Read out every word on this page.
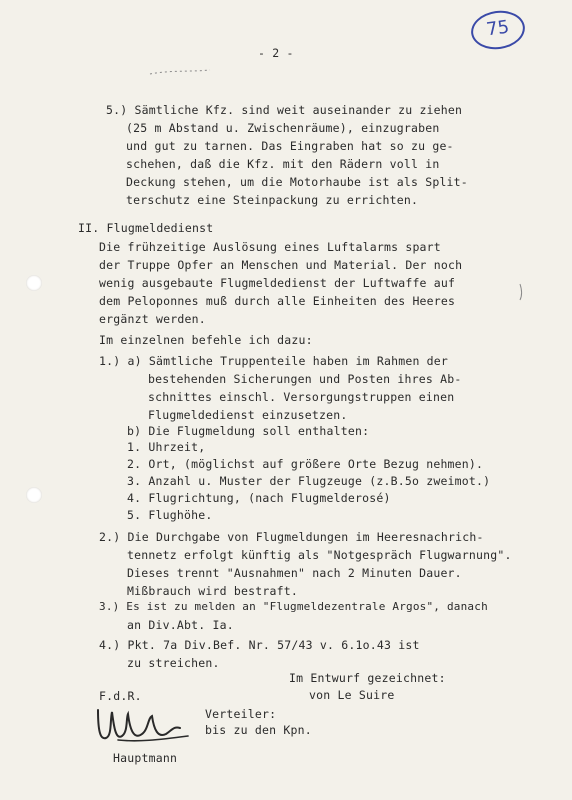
75
- 2 -
5.) Sämtliche Kfz. sind weit auseinander zu ziehen
(25 m Abstand u. Zwischenräume), einzugraben
und gut zu tarnen. Das Eingraben hat so zu ge-
schehen, daß die Kfz. mit den Rädern voll in
Deckung stehen, um die Motorhaube ist als Split-
terschutz eine Steinpackung zu errichten.
II. Flugmeldedienst
Die frühzeitige Auslösung eines Luftalarms spart
der Truppe Opfer an Menschen und Material. Der noch
wenig ausgebaute Flugmeldedienst der Luftwaffe auf
dem Peloponnes muß durch alle Einheiten des Heeres
ergänzt werden.
Im einzelnen befehle ich dazu:
1.) a) Sämtliche Truppenteile haben im Rahmen der
bestehenden Sicherungen und Posten ihres Ab-
schnittes einschl. Versorgungstruppen einen
Flugmeldedienst einzusetzen.
b) Die Flugmeldung soll enthalten:
1. Uhrzeit,
2. Ort, (möglichst auf größere Orte Bezug nehmen).
3. Anzahl u. Muster der Flugzeuge (z.B.5o zweimot.)
4. Flugrichtung, (nach Flugmelderosé)
5. Flughöhe.
2.) Die Durchgabe von Flugmeldungen im Heeresnachrich-
tennetz erfolgt künftig als "Notgespräch Flugwarnung".
Dieses trennt "Ausnahmen" nach 2 Minuten Dauer.
Mißbrauch wird bestraft.
3.) Es ist zu melden an "Flugmeldezentrale Argos", danach
an Div.Abt. Ia.
4.) Pkt. 7a Div.Bef. Nr. 57/43 v. 6.1o.43 ist
zu streichen.
Im Entwurf gezeichnet:
von Le Suire
F.d.R.
Verteiler:
bis zu den Kpn.
Hauptmann
